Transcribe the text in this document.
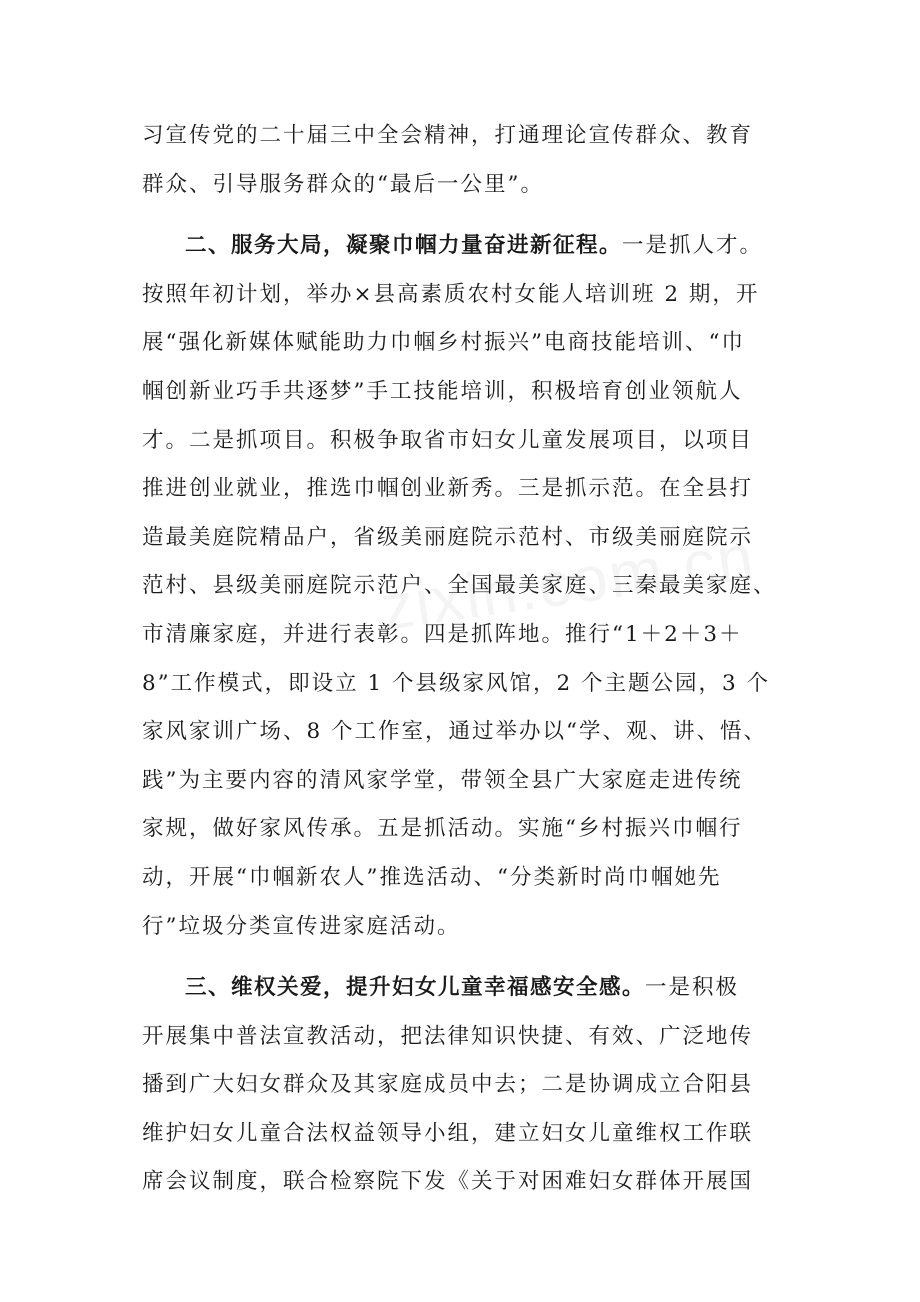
习宣传党的二十届三中全会精神，打通理论宣传群众、教育
群众、引导服务群众的“最后一公里”。
二、服务大局，凝聚巾帼力量奋进新征程。一是抓人才。
按照年初计划，举办×县高素质农村女能人培训班 2 期，开
展“强化新媒体赋能助力巾帼乡村振兴”电商技能培训、“巾
帼创新业巧手共逐梦”手工技能培训，积极培育创业领航人
才。二是抓项目。积极争取省市妇女儿童发展项目，以项目
推进创业就业，推选巾帼创业新秀。三是抓示范。在全县打
造最美庭院精品户，省级美丽庭院示范村、市级美丽庭院示
范村、县级美丽庭院示范户、全国最美家庭、三秦最美家庭、
市清廉家庭，并进行表彰。四是抓阵地。推行“1＋2＋3＋
8”工作模式，即设立 1 个县级家风馆，2 个主题公园，3 个
家风家训广场、8 个工作室，通过举办以“学、观、讲、悟、
践”为主要内容的清风家学堂，带领全县广大家庭走进传统
家规，做好家风传承。五是抓活动。实施“乡村振兴巾帼行
动，开展“巾帼新农人”推选活动、“分类新时尚巾帼她先
行”垃圾分类宣传进家庭活动。
三、维权关爱，提升妇女儿童幸福感安全感。一是积极
开展集中普法宣教活动，把法律知识快捷、有效、广泛地传
播到广大妇女群众及其家庭成员中去；二是协调成立合阳县
维护妇女儿童合法权益领导小组，建立妇女儿童维权工作联
席会议制度，联合检察院下发《关于对困难妇女群体开展国
